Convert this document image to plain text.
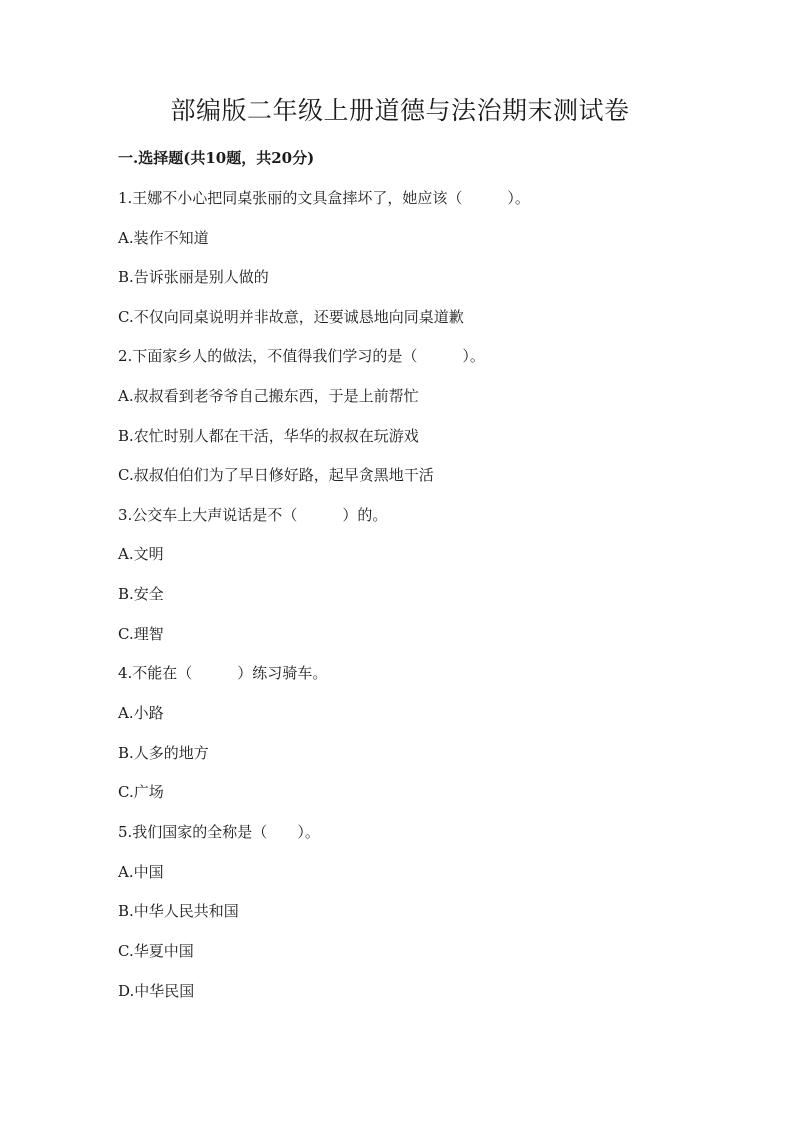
部编版二年级上册道德与法治期末测试卷
一.选择题(共10题，共20分)
1.王娜不小心把同桌张丽的文具盒摔坏了，她应该（　　　）。
A.装作不知道
B.告诉张丽是别人做的
C.不仅向同桌说明并非故意，还要诚恳地向同桌道歉
2.下面家乡人的做法，不值得我们学习的是（　　　）。
A.叔叔看到老爷爷自己搬东西，于是上前帮忙
B.农忙时别人都在干活，华华的叔叔在玩游戏
C.叔叔伯伯们为了早日修好路，起早贪黑地干活
3.公交车上大声说话是不（　　　）的。
A.文明
B.安全
C.理智
4.不能在（　　　）练习骑车。
A.小路
B.人多的地方
C.广场
5.我们国家的全称是（　　）。
A.中国
B.中华人民共和国
C.华夏中国
D.中华民国
